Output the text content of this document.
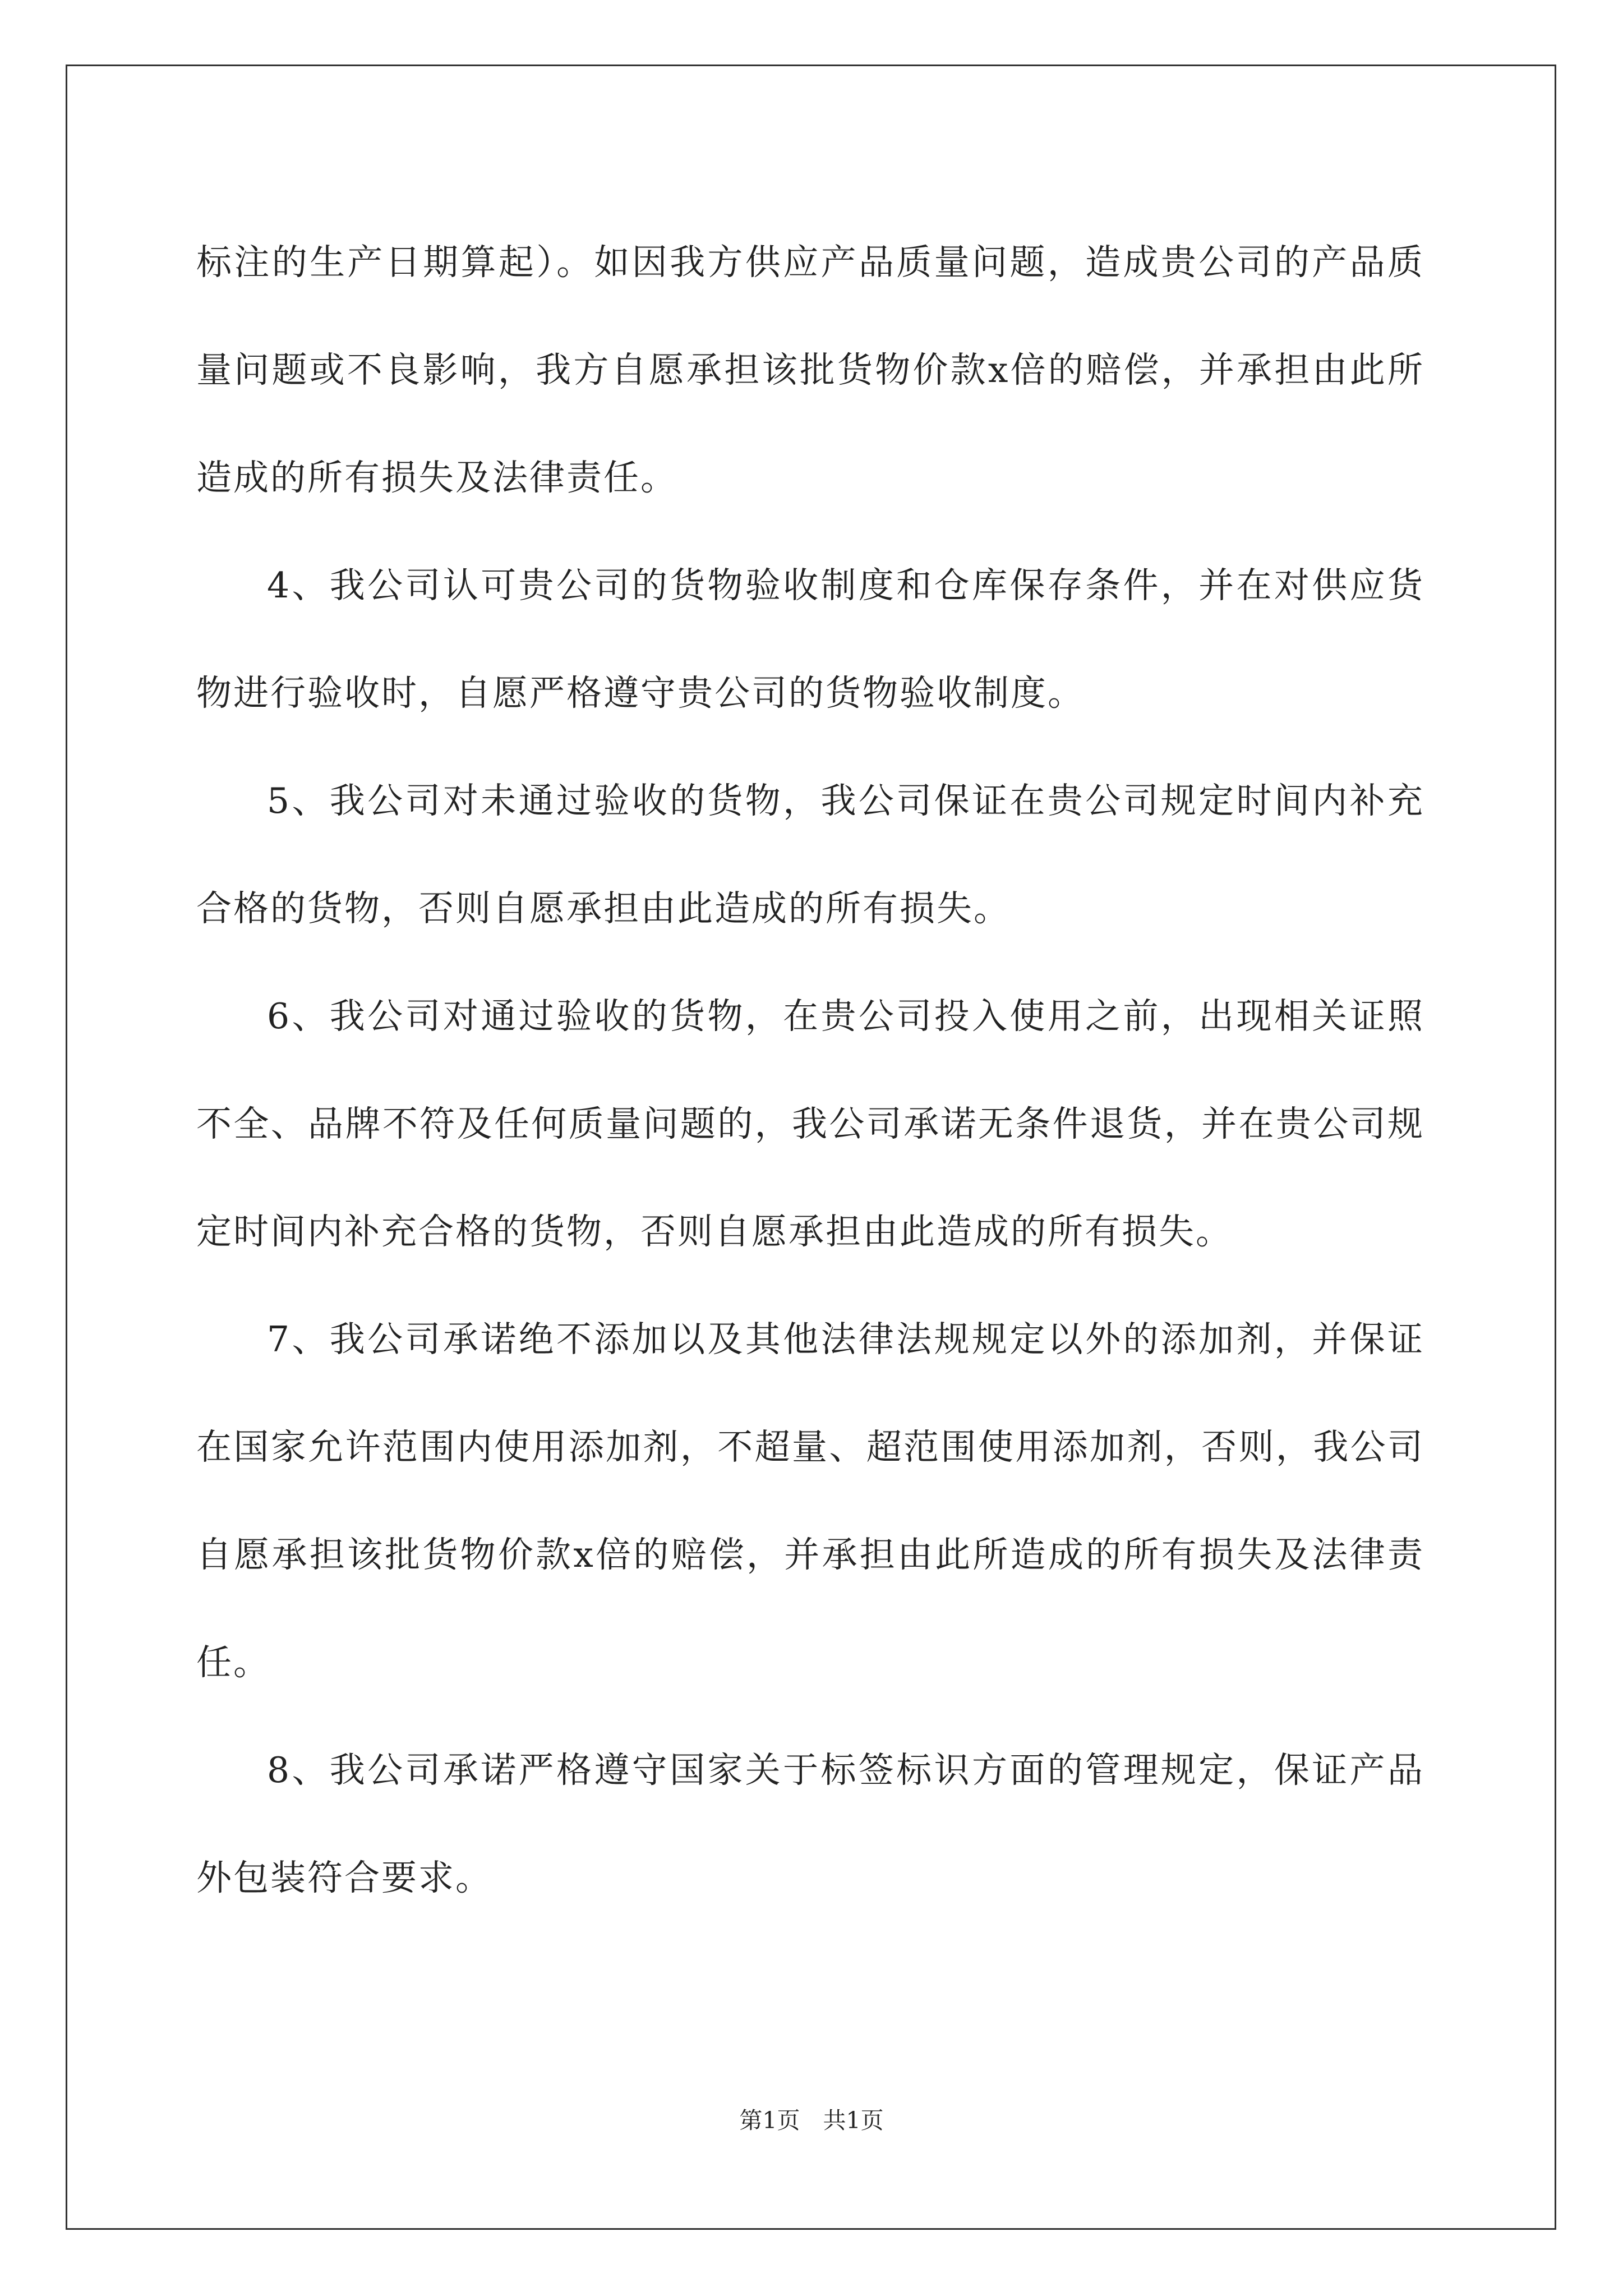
标注的生产日期算起）。如因我方供应产品质量问题，造成贵公司的产品质量问题或不良影响，我方自愿承担该批货物价款x倍的赔偿，并承担由此所造成的所有损失及法律责任。

4、我公司认可贵公司的货物验收制度和仓库保存条件，并在对供应货物进行验收时，自愿严格遵守贵公司的货物验收制度。

5、我公司对未通过验收的货物，我公司保证在贵公司规定时间内补充合格的货物，否则自愿承担由此造成的所有损失。

6、我公司对通过验收的货物，在贵公司投入使用之前，出现相关证照不全、品牌不符及任何质量问题的，我公司承诺无条件退货，并在贵公司规定时间内补充合格的货物，否则自愿承担由此造成的所有损失。

7、我公司承诺绝不添加以及其他法律法规规定以外的添加剂，并保证在国家允许范围内使用添加剂，不超量、超范围使用添加剂，否则，我公司自愿承担该批货物价款x倍的赔偿，并承担由此所造成的所有损失及法律责任。

8、我公司承诺严格遵守国家关于标签标识方面的管理规定，保证产品外包装符合要求。

第1页　共1页
